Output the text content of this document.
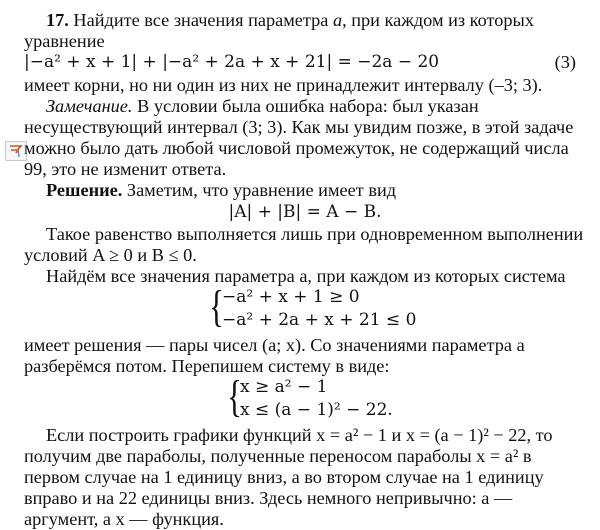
17. Найдите все значения параметра a, при каждом из которых уравнение

|−a² + x + 1| + |−a² + 2a + x + 21| = −2a − 20	(3)

имеет корни, но ни один из них не принадлежит интервалу (–3; 3).

Замечание. В условии была ошибка набора: был указан несуществующий интервал (3; 3). Как мы увидим позже, в этой задаче можно было дать любой числовой промежуток, не содержащий числа 99, это не изменит ответа.

Решение. Заметим, что уравнение имеет вид

|A| + |B| = A − B.

Такое равенство выполняется лишь при одновременном выполнении условий A ≥ 0 и B ≤ 0.

Найдём все значения параметра a, при каждом из которых система

{
−a² + x + 1 ≥ 0
−a² + 2a + x + 21 ≤ 0

имеет решения — пары чисел (a; x). Со значениями параметра a разберёмся потом. Перепишем систему в виде:

{
x ≥ a² − 1
x ≤ (a − 1)² − 22.

Если построить графики функций x = a² − 1 и x = (a − 1)² − 22, то получим две параболы, полученные переносом параболы x = a² в первом случае на 1 единицу вниз, а во втором случае на 1 единицу вправо и на 22 единицы вниз. Здесь немного непривычно: a — аргумент, а x — функция.
